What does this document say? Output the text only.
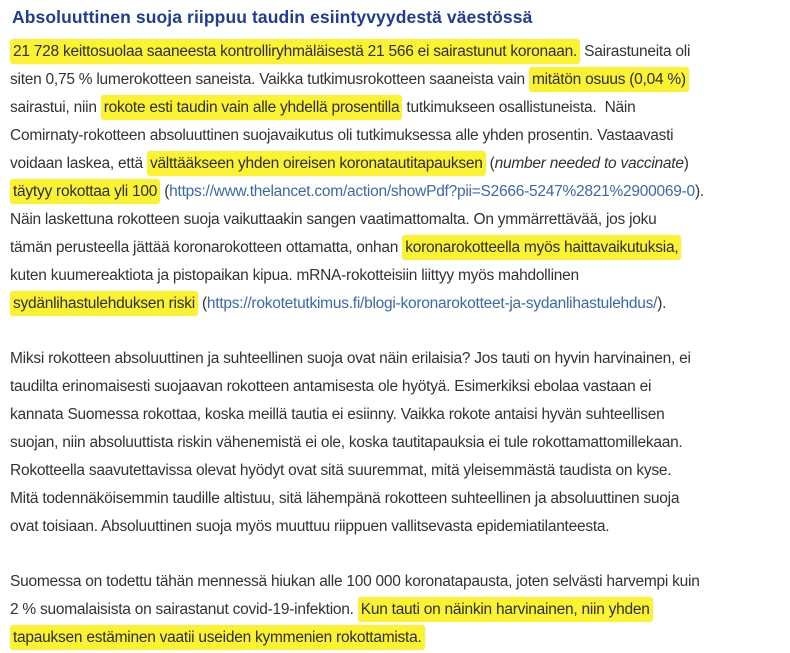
Absoluuttinen suoja riippuu taudin esiintyvyydestä väestössä
21 728 keittosuolaa saaneesta kontrolliryhmäläisestä 21 566 ei sairastunut koronaan. Sairastuneita oli
siten 0,75 % lumerokotteen saneista. Vaikka tutkimusrokotteen saaneista vain mitätön osuus (0,04 %)
sairastui, niin rokote esti taudin vain alle yhdellä prosentilla tutkimukseen osallistuneista.  Näin
Comirnaty-rokotteen absoluuttinen suojavaikutus oli tutkimuksessa alle yhden prosentin. Vastaavasti
voidaan laskea, että välttääkseen yhden oireisen koronatautitapauksen (number needed to vaccinate)
täytyy rokottaa yli 100 (https://www.thelancet.com/action/showPdf?pii=S2666-5247%2821%2900069-0).
Näin laskettuna rokotteen suoja vaikuttaakin sangen vaatimattomalta. On ymmärrettävää, jos joku
tämän perusteella jättää koronarokotteen ottamatta, onhan koronarokotteella myös haittavaikutuksia,
kuten kuumereaktiota ja pistopaikan kipua. mRNA-rokotteisiin liittyy myös mahdollinen
sydänlihastulehduksen riski (https://rokotetutkimus.fi/blogi-koronarokotteet-ja-sydanlihastulehdus/).
Miksi rokotteen absoluuttinen ja suhteellinen suoja ovat näin erilaisia? Jos tauti on hyvin harvinainen, ei
taudilta erinomaisesti suojaavan rokotteen antamisesta ole hyötyä. Esimerkiksi ebolaa vastaan ei
kannata Suomessa rokottaa, koska meillä tautia ei esiinny. Vaikka rokote antaisi hyvän suhteellisen
suojan, niin absoluuttista riskin vähenemistä ei ole, koska tautitapauksia ei tule rokottamattomillekaan.
Rokotteella saavutettavissa olevat hyödyt ovat sitä suuremmat, mitä yleisemmästä taudista on kyse.
Mitä todennäköisemmin taudille altistuu, sitä lähempänä rokotteen suhteellinen ja absoluuttinen suoja
ovat toisiaan. Absoluuttinen suoja myös muuttuu riippuen vallitsevasta epidemiatilanteesta.
Suomessa on todettu tähän mennessä hiukan alle 100 000 koronatapausta, joten selvästi harvempi kuin
2 % suomalaisista on sairastanut covid-19-infektion. Kun tauti on näinkin harvinainen, niin yhden
tapauksen estäminen vaatii useiden kymmenien rokottamista.
